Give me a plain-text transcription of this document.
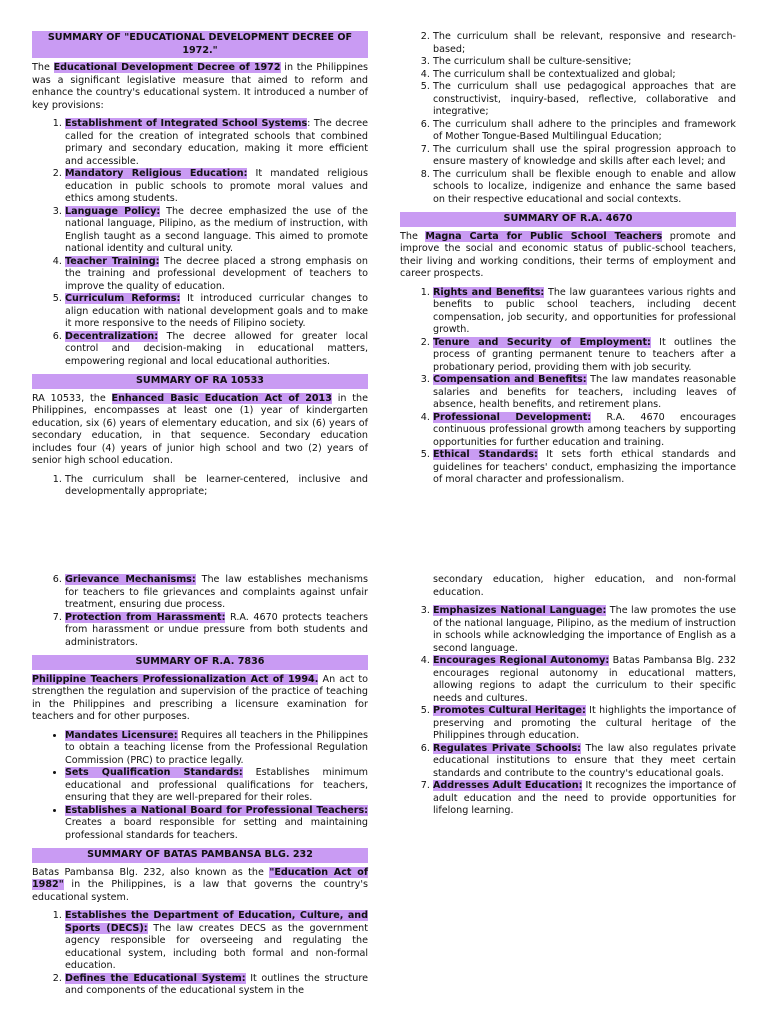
SUMMARY OF "EDUCATIONAL DEVELOPMENT DECREE OF 1972."

The Educational Development Decree of 1972 in the Philippines was a significant legislative measure that aimed to reform and enhance the country's educational system. It introduced a number of key provisions:

1. Establishment of Integrated School Systems: The decree called for the creation of integrated schools that combined primary and secondary education, making it more efficient and accessible.
2. Mandatory Religious Education: It mandated religious education in public schools to promote moral values and ethics among students.
3. Language Policy: The decree emphasized the use of the national language, Pilipino, as the medium of instruction, with English taught as a second language. This aimed to promote national identity and cultural unity.
4. Teacher Training: The decree placed a strong emphasis on the training and professional development of teachers to improve the quality of education.
5. Curriculum Reforms: It introduced curricular changes to align education with national development goals and to make it more responsive to the needs of Filipino society.
6. Decentralization: The decree allowed for greater local control and decision-making in educational matters, empowering regional and local educational authorities.
SUMMARY OF RA 10533

RA 10533, the Enhanced Basic Education Act of 2013 in the Philippines, encompasses at least one (1) year of kindergarten education, six (6) years of elementary education, and six (6) years of secondary education, in that sequence. Secondary education includes four (4) years of junior high school and two (2) years of senior high school education.

1. The curriculum shall be learner-centered, inclusive and developmentally appropriate;
2. The curriculum shall be relevant, responsive and research-based;
3. The curriculum shall be culture-sensitive;
4. The curriculum shall be contextualized and global;
5. The curriculum shall use pedagogical approaches that are constructivist, inquiry-based, reflective, collaborative and integrative;
6. The curriculum shall adhere to the principles and framework of Mother Tongue-Based Multilingual Education;
7. The curriculum shall use the spiral progression approach to ensure mastery of knowledge and skills after each level; and
8. The curriculum shall be flexible enough to enable and allow schools to localize, indigenize and enhance the same based on their respective educational and social contexts.
SUMMARY OF R.A. 4670

The Magna Carta for Public School Teachers promote and improve the social and economic status of public-school teachers, their living and working conditions, their terms of employment and career prospects.

1. Rights and Benefits: The law guarantees various rights and benefits to public school teachers, including decent compensation, job security, and opportunities for professional growth.
2. Tenure and Security of Employment: It outlines the process of granting permanent tenure to teachers after a probationary period, providing them with job security.
3. Compensation and Benefits: The law mandates reasonable salaries and benefits for teachers, including leaves of absence, health benefits, and retirement plans.
4. Professional Development: R.A. 4670 encourages continuous professional growth among teachers by supporting opportunities for further education and training.
5. Ethical Standards: It sets forth ethical standards and guidelines for teachers' conduct, emphasizing the importance of moral character and professionalism.
6. Grievance Mechanisms: The law establishes mechanisms for teachers to file grievances and complaints against unfair treatment, ensuring due process.
7. Protection from Harassment: R.A. 4670 protects teachers from harassment or undue pressure from both students and administrators.
SUMMARY OF R.A. 7836

Philippine Teachers Professionalization Act of 1994. An act to strengthen the regulation and supervision of the practice of teaching in the Philippines and prescribing a licensure examination for teachers and for other purposes.

• Mandates Licensure: Requires all teachers in the Philippines to obtain a teaching license from the Professional Regulation Commission (PRC) to practice legally.
• Sets Qualification Standards: Establishes minimum educational and professional qualifications for teachers, ensuring that they are well-prepared for their roles.
• Establishes a National Board for Professional Teachers: Creates a board responsible for setting and maintaining professional standards for teachers.
SUMMARY OF BATAS PAMBANSA BLG. 232

Batas Pambansa Blg. 232, also known as the "Education Act of 1982" in the Philippines, is a law that governs the country's educational system.

1. Establishes the Department of Education, Culture, and Sports (DECS): The law creates DECS as the government agency responsible for overseeing and regulating the educational system, including both formal and non-formal education.
2. Defines the Educational System: It outlines the structure and components of the educational system in the

secondary education, higher education, and non-formal education.

3. Emphasizes National Language: The law promotes the use of the national language, Pilipino, as the medium of instruction in schools while acknowledging the importance of English as a second language.
4. Encourages Regional Autonomy: Batas Pambansa Blg. 232 encourages regional autonomy in educational matters, allowing regions to adapt the curriculum to their specific needs and cultures.
5. Promotes Cultural Heritage: It highlights the importance of preserving and promoting the cultural heritage of the Philippines through education.
6. Regulates Private Schools: The law also regulates private educational institutions to ensure that they meet certain standards and contribute to the country's educational goals.
7. Addresses Adult Education: It recognizes the importance of adult education and the need to provide opportunities for lifelong learning.
